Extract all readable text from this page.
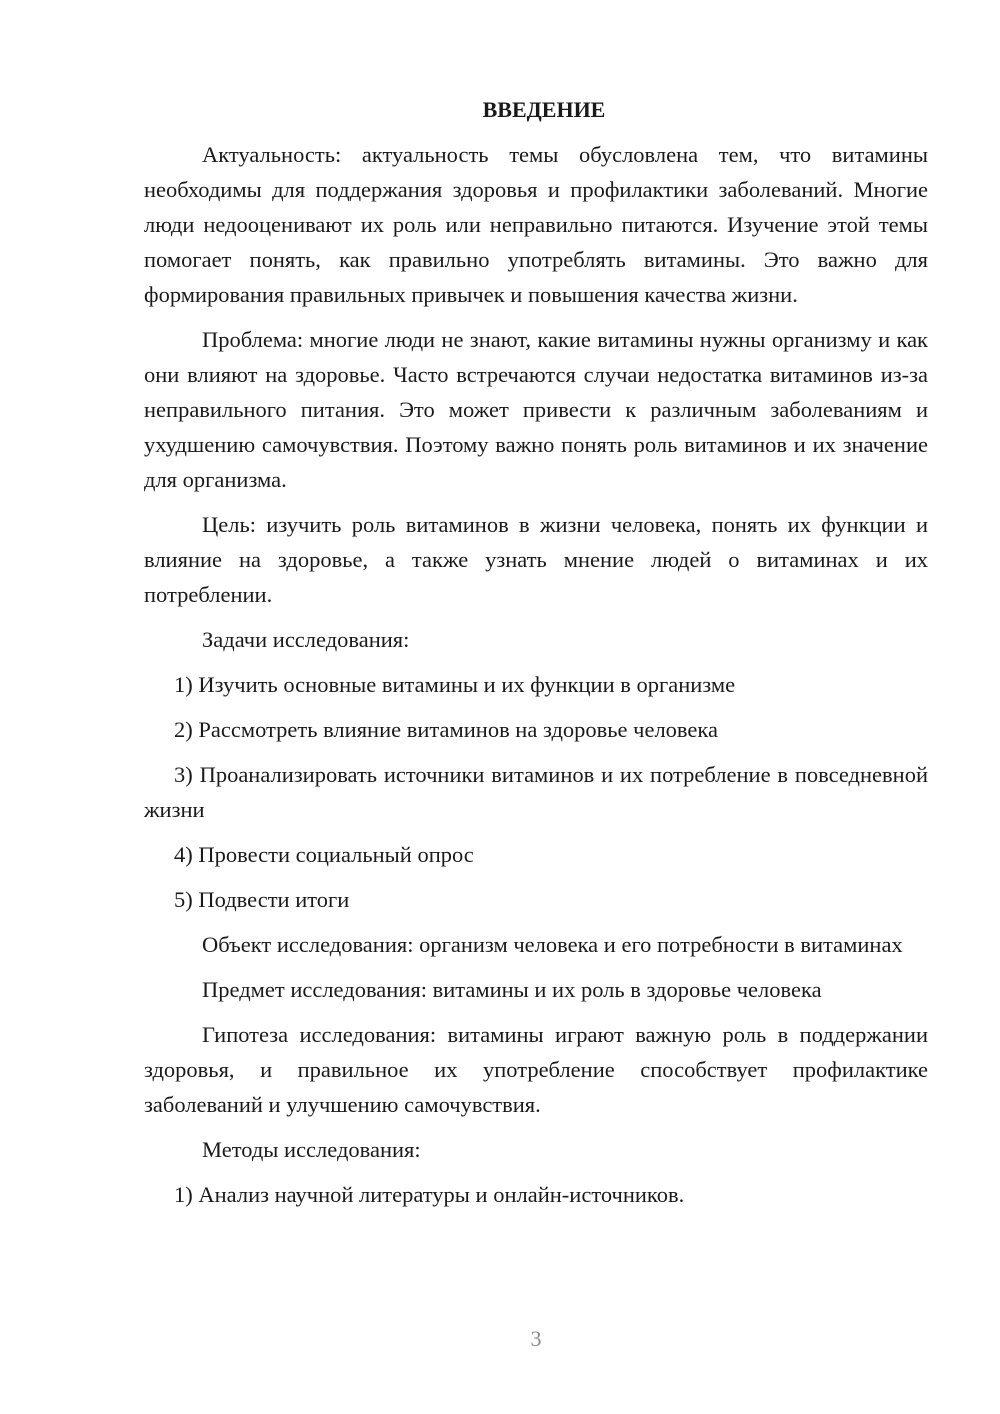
ВВЕДЕНИЕ

Актуальность: актуальность темы обусловлена тем, что витамины необходимы для поддержания здоровья и профилактики заболеваний. Многие люди недооценивают их роль или неправильно питаются. Изучение этой темы помогает понять, как правильно употреблять витамины. Это важно для формирования правильных привычек и повышения качества жизни.

Проблема: многие люди не знают, какие витамины нужны организму и как они влияют на здоровье. Часто встречаются случаи недостатка витаминов из-за неправильного питания. Это может привести к различным заболеваниям и ухудшению самочувствия. Поэтому важно понять роль витаминов и их значение для организма.

Цель: изучить роль витаминов в жизни человека, понять их функции и влияние на здоровье, а также узнать мнение людей о витаминах и их потреблении.

Задачи исследования:

1) Изучить основные витамины и их функции в организме

2) Рассмотреть влияние витаминов на здоровье человека

3) Проанализировать источники витаминов и их потребление в повседневной жизни

4) Провести социальный опрос

5) Подвести итоги

Объект исследования: организм человека и его потребности в витаминах

Предмет исследования: витамины и их роль в здоровье человека

Гипотеза исследования: витамины играют важную роль в поддержании здоровья, и правильное их употребление способствует профилактике заболеваний и улучшению самочувствия.

Методы исследования:

1) Анализ научной литературы и онлайн-источников.

3
